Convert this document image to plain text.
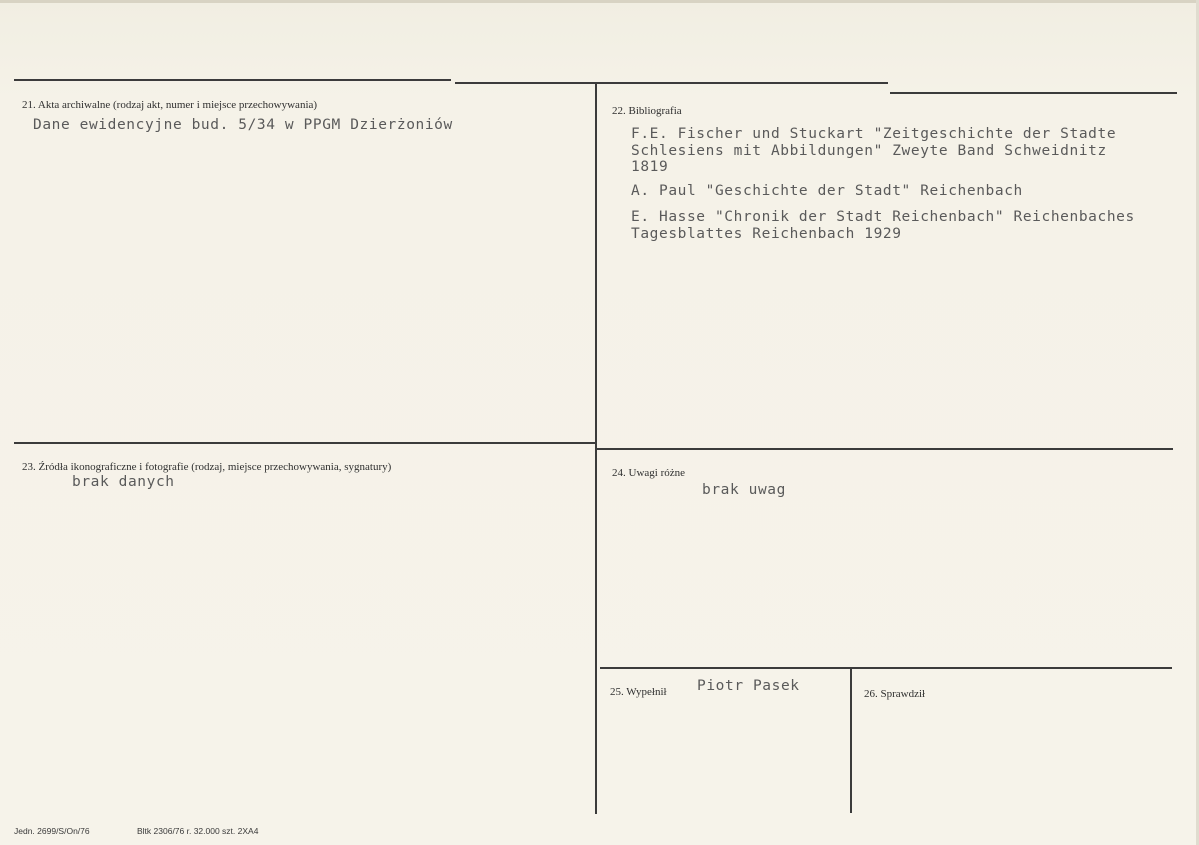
21. Akta archiwalne (rodzaj akt, numer i miejsce przechowywania)
Dane ewidencyjne bud. 5/34 w PPGM Dzierżoniów
22. Bibliografia
F.E. Fischer und Stuckart "Zeitgeschichte der Stadte
Schlesiens mit Abbildungen" Zweyte Band Schweidnitz
1819
A. Paul "Geschichte der Stadt" Reichenbach
E. Hasse "Chronik der Stadt Reichenbach" Reichenbaches
Tagesblattes Reichenbach 1929
23. Źródła ikonograficzne i fotografie (rodzaj, miejsce przechowywania, sygnatury)
brak danych
24. Uwagi różne
brak uwag
25. Wypełnił Piotr Pasek	26. Sprawdził
Jedn. 2699/S/On/76	Bltk 2306/76 r. 32.000 szt. 2XA4
